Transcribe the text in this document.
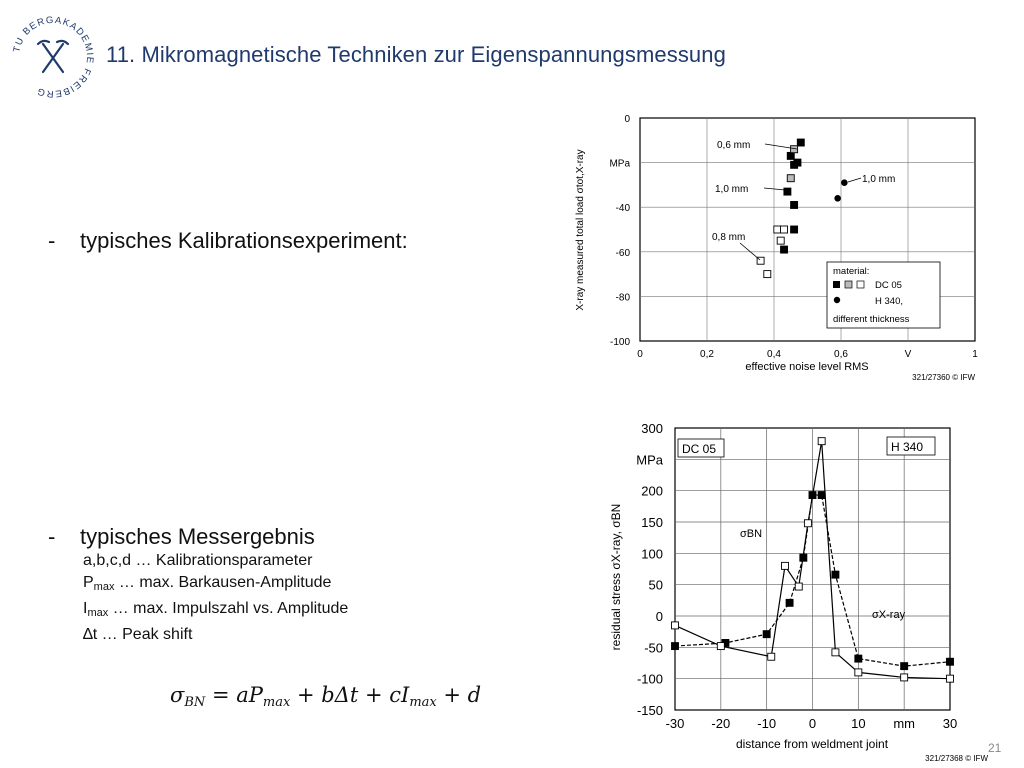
TU BERGAKADEMIE FREIBERG
11. Mikromagnetische Techniken zur Eigenspannungsmessung
- typisches Kalibrationsexperiment:
- typisches Messergebnis
a,b,c,d … Kalibrationsparameter
$P_{max}$ … max. Barkausen-Amplitude
$I_{max}$ … max. Impulszahl vs. Amplitude
∆t … Peak shift
$\sigma_{BN} = aP_{max} + b\Delta t + cI_{max} + d$
0
MPa
-40
-60
-80
-100
0	0,2	0,4	0,6	V	1
X-ray measured total load σtot,X-ray
effective noise level RMS
321/27360 © IFW
0,6 mm
1,0 mm
0,8 mm
1,0 mm
material:
DC 05
H 340,
different thickness
300
MPa
200
150
100
50
0
-50
-100
-150
-30 -20 -10	0	10 mm 30
residual stress σX-ray, σBN
distance from weldment joint
321/27368 © IFW
DC 05	H 340
σBN
σX-ray
21
